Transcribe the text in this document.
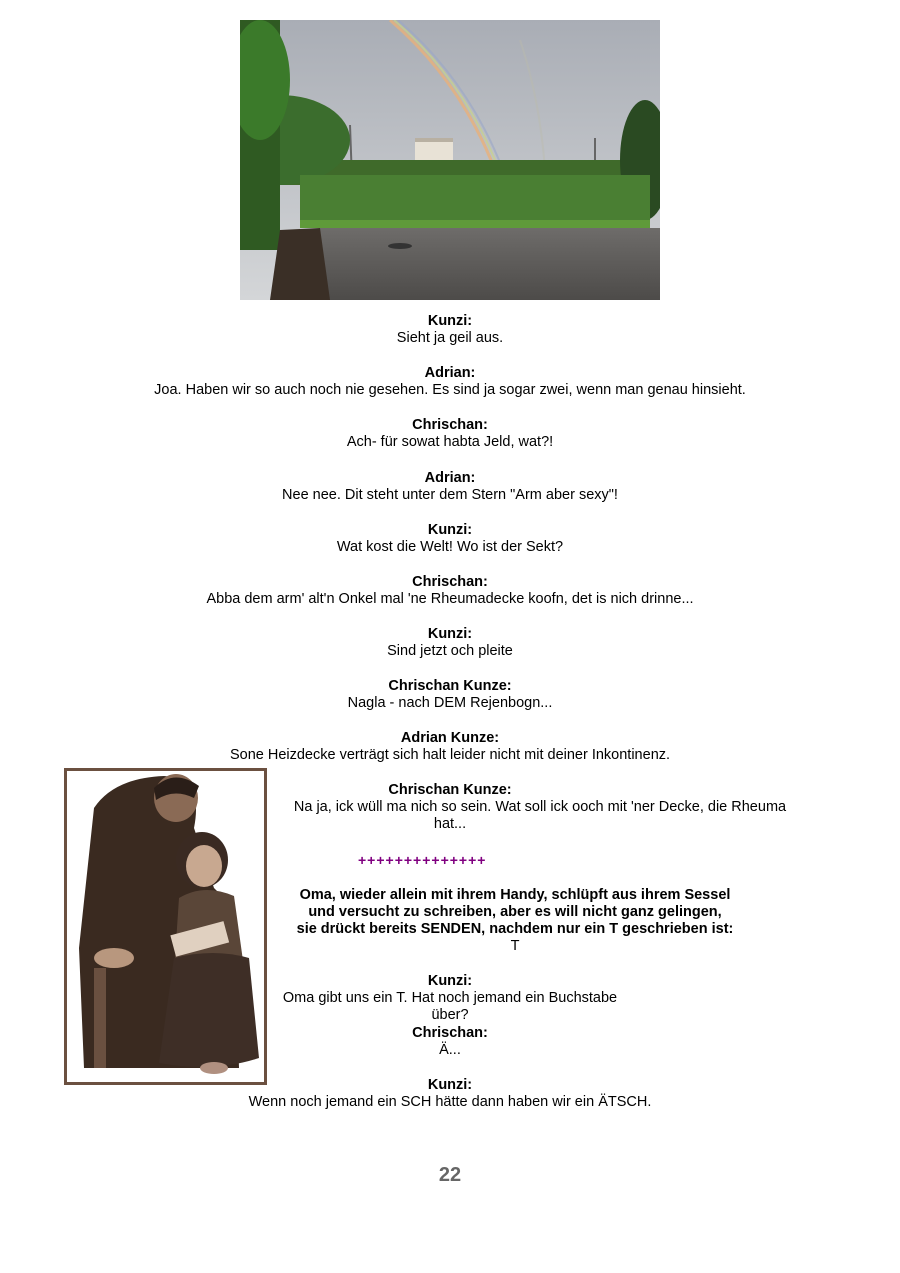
Kunzi:
Sieht ja geil aus.
Adrian:
Joa. Haben wir so auch noch nie gesehen. Es sind ja sogar zwei, wenn man genau hinsieht.
Chrischan:
Ach- für sowat habta Jeld, wat?!
Adrian:
Nee nee. Dit steht unter dem Stern "Arm aber sexy"!
Kunzi:
Wat kost die Welt! Wo ist der Sekt?
Chrischan:
Abba dem arm' alt'n Onkel mal 'ne Rheumadecke koofn, det is nich drinne...
Kunzi:
Sind jetzt och pleite
Chrischan Kunze:
Nagla - nach DEM Rejenbogn...
Adrian Kunze:
Sone Heizdecke verträgt sich halt leider nicht mit deiner Inkontinenz.
Chrischan Kunze:
Na ja, ick wüll ma nich so sein. Wat soll ick ooch mit 'ner Decke, die Rheuma
hat...
++++++++++++++
Oma, wieder allein mit ihrem Handy, schlüpft aus ihrem Sessel
und versucht zu schreiben, aber es will nicht ganz gelingen,
sie drückt bereits SENDEN, nachdem nur ein T geschrieben ist:
T
Kunzi:
Oma gibt uns ein T. Hat noch jemand ein Buchstabe über?
Chrischan:
Ä...
Kunzi:
Wenn noch jemand ein SCH hätte dann haben wir ein ÄTSCH.
22
